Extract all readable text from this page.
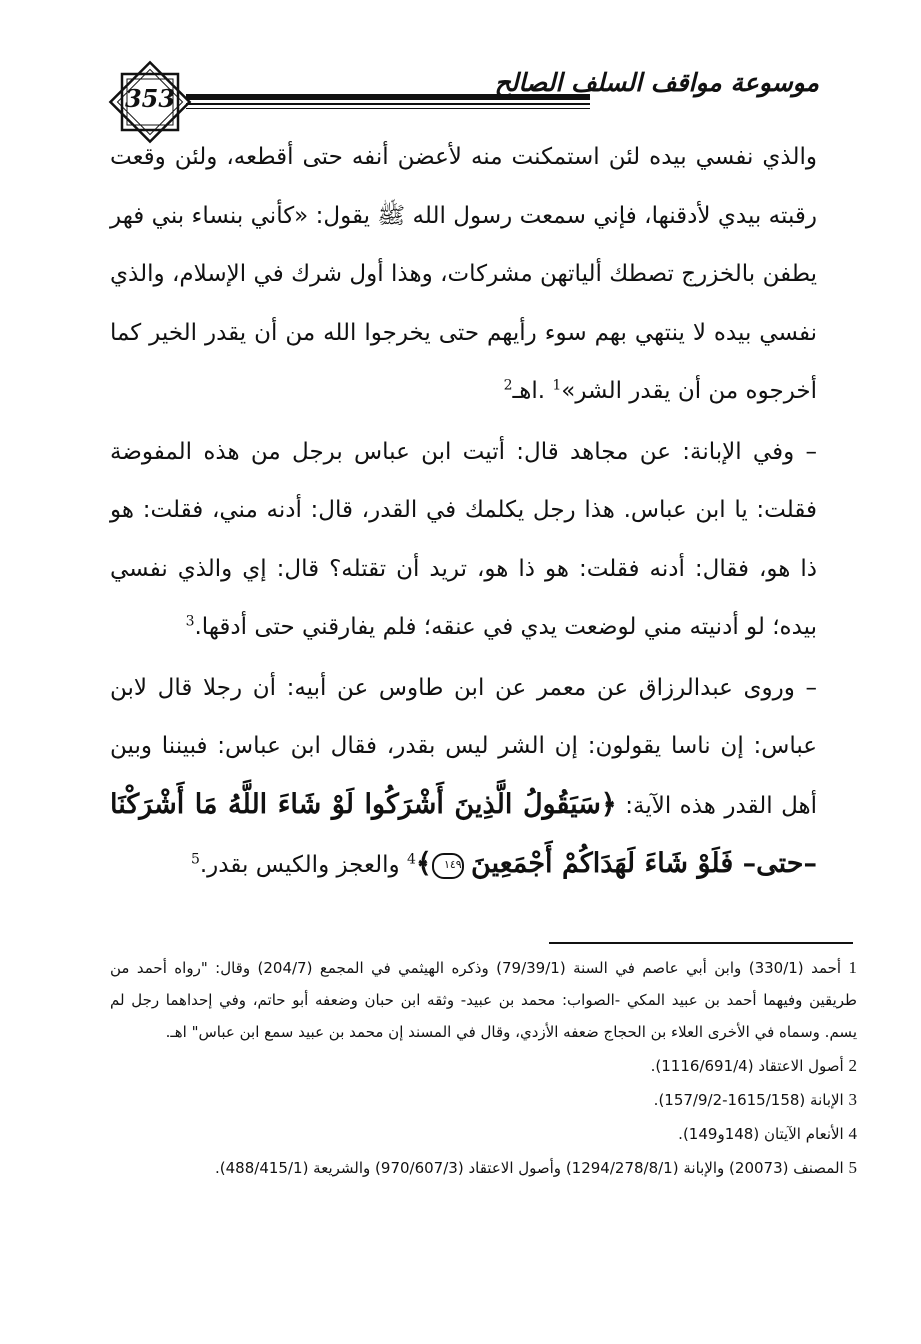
353
موسوعة مواقف السلف الصالح

والذي نفسي بيده لئن استمكنت منه لأعضن أنفه حتى أقطعه، ولئن وقعت رقبته بيدي لأدقنها، فإني سمعت رسول الله ﷺ يقول: «كأني بنساء بني فهر يطفن بالخزرج تصطك ألياتهن مشركات، وهذا أول شرك في الإسلام، والذي نفسي بيده لا ينتهي بهم سوء رأيهم حتى يخرجوا الله من أن يقدر الخير كما أخرجوه من أن يقدر الشر»$^1$ .اهـ$^2$

– وفي الإبانة: عن مجاهد قال: أتيت ابن عباس برجل من هذه المفوضة فقلت: يا ابن عباس. هذا رجل يكلمك في القدر، قال: أدنه مني، فقلت: هو ذا هو، فقال: أدنه فقلت: هو ذا هو، تريد أن تقتله؟ قال: إي والذي نفسي بيده؛ لو أدنيته مني لوضعت يدي في عنقه؛ فلم يفارقني حتى أدقها.$^3$

– وروى عبدالرزاق عن معمر عن ابن طاوس عن أبيه: أن رجلا قال لابن عباس: إن ناسا يقولون: إن الشر ليس بقدر، فقال ابن عباس: فبيننا وبين أهل القدر هذه الآية: ﴿سَيَقُولُ الَّذِينَ أَشْرَكُوا لَوْ شَاءَ اللَّهُ مَا أَشْرَكْنَا –حتى– فَلَوْ شَاءَ لَهَدَاكُمْ أَجْمَعِينَ ١٤٩﴾$^4$ والعجز والكيس بقدر.$^5$

1 أحمد (330/1) وابن أبي عاصم في السنة (79/39/1) وذكره الهيثمي في المجمع (204/7) وقال: "رواه أحمد من طريقين وفيهما أحمد بن عبيد المكي -الصواب: محمد بن عبيد- وثقه ابن حبان وضعفه أبو حاتم، وفي إحداهما رجل لم يسم. وسماه في الأخرى العلاء بن الحجاج ضعفه الأزدي، وقال في المسند إن محمد بن عبيد سمع ابن عباس" اهـ.

2 أصول الاعتقاد (1116/691/4).

3 الإبانة (1615/158-157/9/2).

4 الأنعام الآيتان (148و149).

5 المصنف (20073) والإبانة (1294/278/8/1) وأصول الاعتقاد (970/607/3) والشريعة (488/415/1).
